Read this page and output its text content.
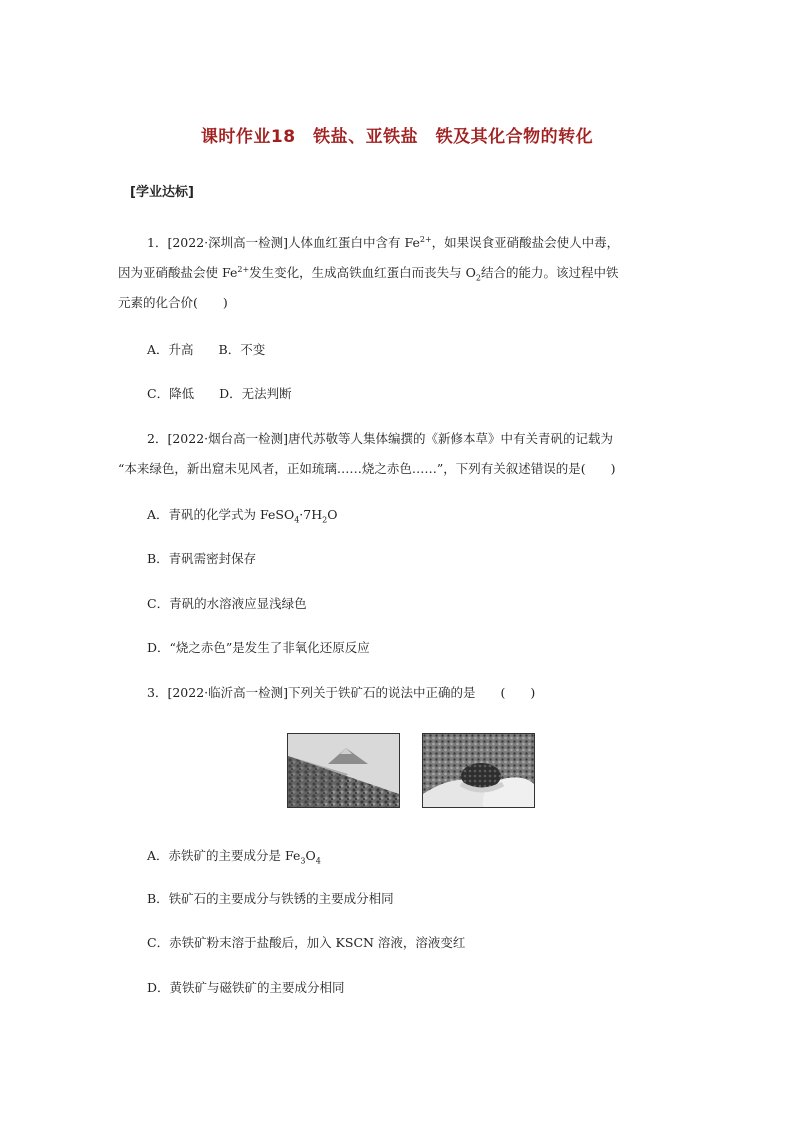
课时作业18　铁盐、亚铁盐　铁及其化合物的转化
[学业达标]
1．[2022·深圳高一检测]人体血红蛋白中含有 $Fe^{2+}$，如果误食亚硝酸盐会使人中毒，
因为亚硝酸盐会使 $Fe^{2+}$发生变化，生成高铁血红蛋白而丧失与 $O_2$结合的能力。该过程中铁
元素的化合价(　　)
A．升高　　B．不变
C．降低　　D．无法判断
2．[2022·烟台高一检测]唐代苏敬等人集体编撰的《新修本草》中有关青矾的记载为
“本来绿色，新出窟未见风者，正如琉璃……烧之赤色……”，下列有关叙述错误的是(　　)
A．青矾的化学式为 $FeSO_4\cdot 7H_2O$
B．青矾需密封保存
C．青矾的水溶液应显浅绿色
D．“烧之赤色”是发生了非氧化还原反应
3．[2022·临沂高一检测]下列关于铁矿石的说法中正确的是　　(　　)
A．赤铁矿的主要成分是 $Fe_3O_4$
B．铁矿石的主要成分与铁锈的主要成分相同
C．赤铁矿粉末溶于盐酸后，加入 KSCN 溶液，溶液变红
D．黄铁矿与磁铁矿的主要成分相同
